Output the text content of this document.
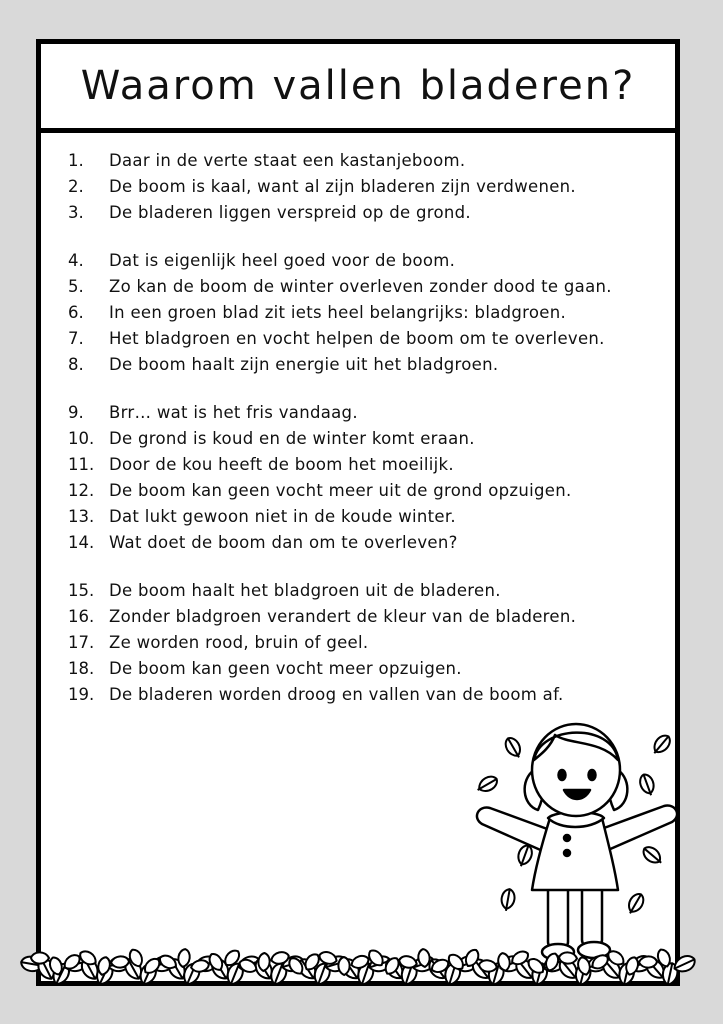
Waarom vallen bladeren?
1.	Daar in de verte staat een kastanjeboom.
2.	De boom is kaal, want al zijn bladeren zijn verdwenen.
3.	De bladeren liggen verspreid op de grond.
4.	Dat is eigenlijk heel goed voor de boom.
5.	Zo kan de boom de winter overleven zonder dood te gaan.
6.	In een groen blad zit iets heel belangrijks: bladgroen.
7.	Het bladgroen en vocht helpen de boom om te overleven.
8.	De boom haalt zijn energie uit het bladgroen.
9.	Brr… wat is het fris vandaag.
10. De grond is koud en de winter komt eraan.
11. Door de kou heeft de boom het moeilijk.
12. De boom kan geen vocht meer uit de grond opzuigen.
13. Dat lukt gewoon niet in de koude winter.
14. Wat doet de boom dan om te overleven?
15. De boom haalt het bladgroen uit de bladeren.
16. Zonder bladgroen verandert de kleur van de bladeren.
17. Ze worden rood, bruin of geel.
18. De boom kan geen vocht meer opzuigen.
19. De bladeren worden droog en vallen van de boom af.
